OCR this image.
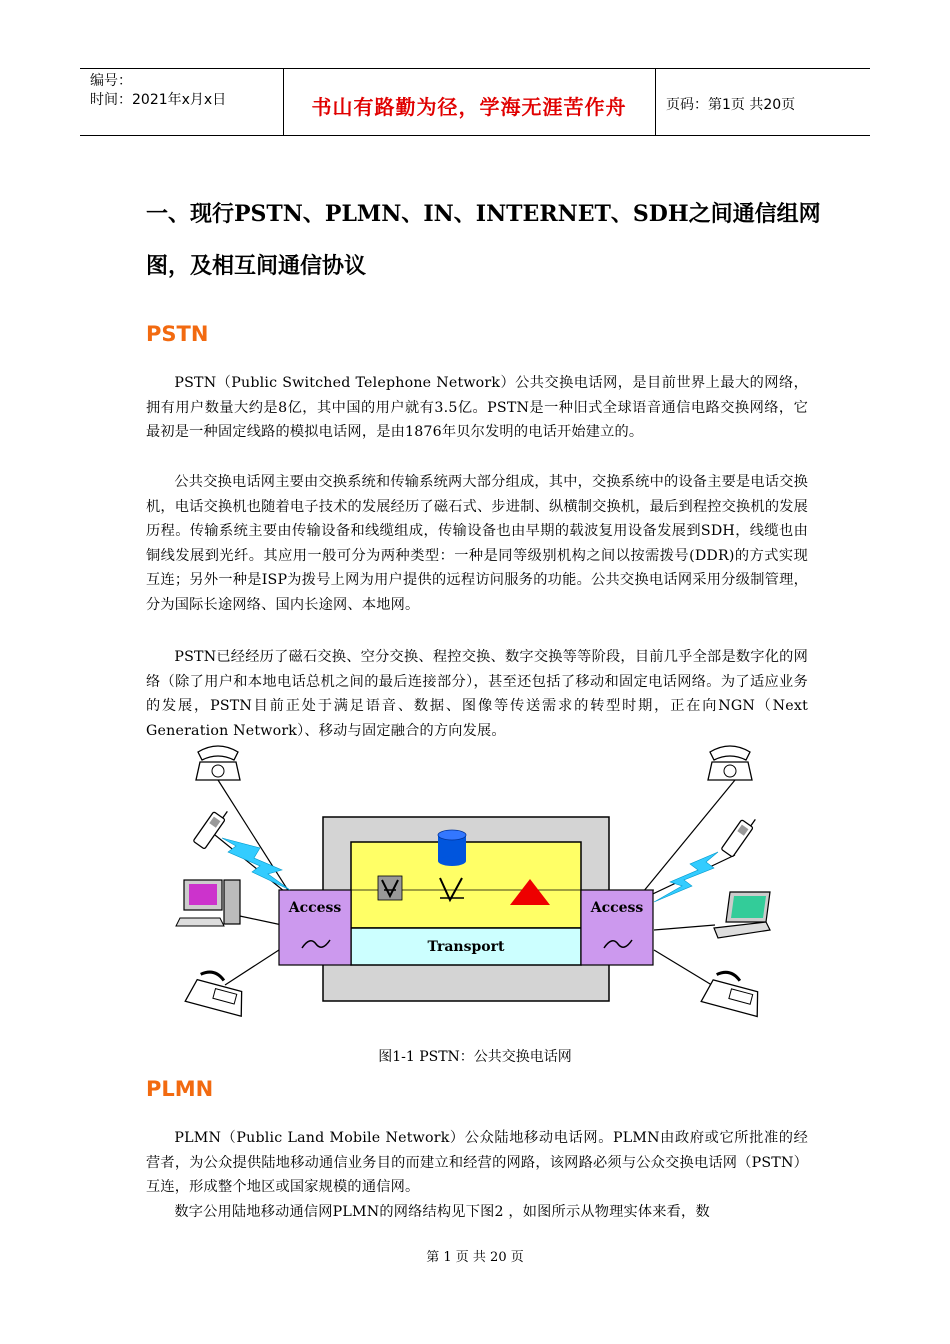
编号：
时间：2021年x月x日	书山有路勤为径，学海无涯苦作舟	页码：第1页 共20页
一、现行PSTN、PLMN、IN、INTERNET、SDH之间通信组网图，及相互间通信协议
PSTN

PSTN（Public Switched Telephone Network）公共交换电话网，是目前世界上最大的网络，拥有用户数量大约是8亿，其中国的用户就有3.5亿。PSTN是一种旧式全球语音通信电路交换网络，它最初是一种固定线路的模拟电话网，是由1876年贝尔发明的电话开始建立的。

公共交换电话网主要由交换系统和传输系统两大部分组成，其中，交换系统中的设备主要是电话交换机，电话交换机也随着电子技术的发展经历了磁石式、步进制、纵横制交换机，最后到程控交换机的发展历程。传输系统主要由传输设备和线缆组成，传输设备也由早期的载波复用设备发展到SDH，线缆也由铜线发展到光纤。其应用一般可分为两种类型：一种是同等级别机构之间以按需拨号(DDR)的方式实现互连；另外一种是ISP为拨号上网为用户提供的远程访问服务的功能。公共交换电话网采用分级制管理，分为国际长途网络、国内长途网、本地网。

PSTN已经经历了磁石交换、空分交换、程控交换、数字交换等等阶段，目前几乎全部是数字化的网络（除了用户和本地电话总机之间的最后连接部分），甚至还包括了移动和固定电话网络。为了适应业务的发展，PSTN目前正处于满足语音、数据、图像等传送需求的转型时期，正在向NGN（Next Generation Network）、移动与固定融合的方向发展。

Transport
Access	Access
图1-1 PSTN：公共交换电话网
PLMN

PLMN（Public Land Mobile Network）公众陆地移动电话网。PLMN由政府或它所批准的经营者，为公众提供陆地移动通信业务目的而建立和经营的网路，该网路必须与公众交换电话网（PSTN）互连，形成整个地区或国家规模的通信网。

数字公用陆地移动通信网PLMN的网络结构见下图2 ，如图所示从物理实体来看，数

第 1 页 共 20 页
